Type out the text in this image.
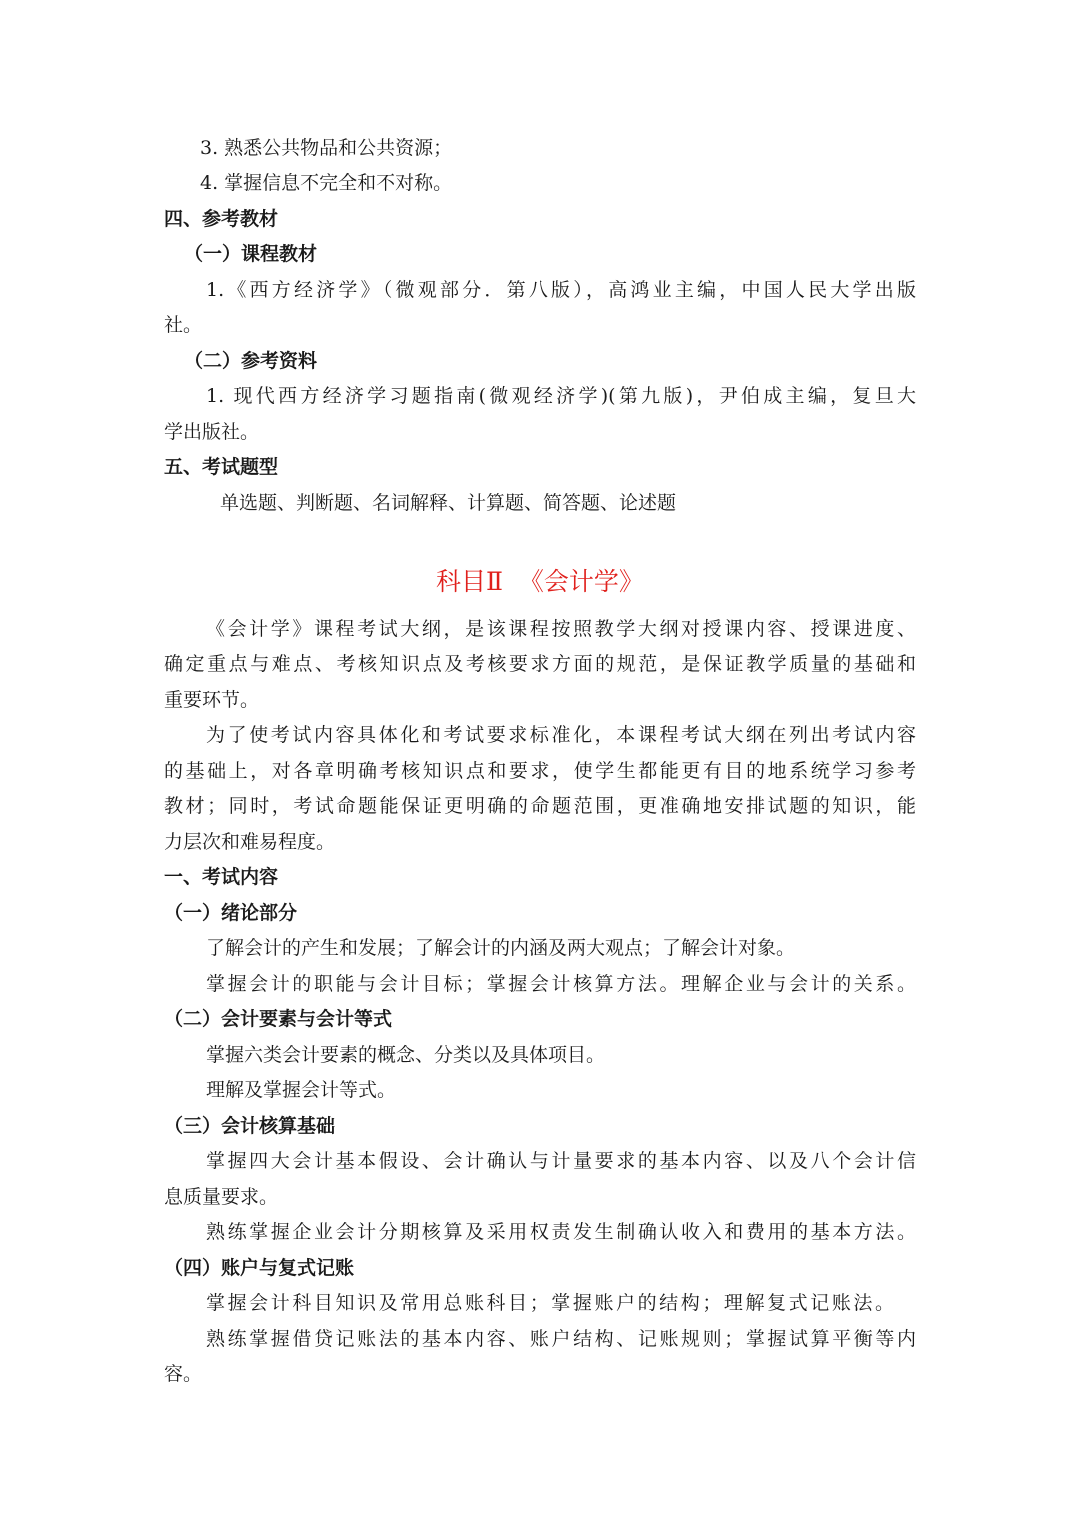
3. 熟悉公共物品和公共资源；
4. 掌握信息不完全和不对称。
四、参考教材
（一）课程教材
1.《西方经济学》（微观部分．第八版），高鸿业主编，中国人民大学出版
社。
（二）参考资料
1. 现代西方经济学习题指南(微观经济学)(第九版)，尹伯成主编，复旦大
学出版社。
五、考试题型
单选题、判断题、名词解释、计算题、简答题、论述题
科目Ⅱ  《会计学》
《会计学》课程考试大纲，是该课程按照教学大纲对授课内容、授课进度、
确定重点与难点、考核知识点及考核要求方面的规范，是保证教学质量的基础和
重要环节。
为了使考试内容具体化和考试要求标准化，本课程考试大纲在列出考试内容
的基础上，对各章明确考核知识点和要求，使学生都能更有目的地系统学习参考
教材；同时，考试命题能保证更明确的命题范围，更准确地安排试题的知识，能
力层次和难易程度。
一、考试内容
（一）绪论部分
了解会计的产生和发展；了解会计的内涵及两大观点；了解会计对象。
掌握会计的职能与会计目标；掌握会计核算方法。理解企业与会计的关系。
（二）会计要素与会计等式
掌握六类会计要素的概念、分类以及具体项目。
理解及掌握会计等式。
（三）会计核算基础
掌握四大会计基本假设、会计确认与计量要求的基本内容、以及八个会计信
息质量要求。
熟练掌握企业会计分期核算及采用权责发生制确认收入和费用的基本方法。
（四）账户与复式记账
掌握会计科目知识及常用总账科目；掌握账户的结构；理解复式记账法。
熟练掌握借贷记账法的基本内容、账户结构、记账规则；掌握试算平衡等内
容。
